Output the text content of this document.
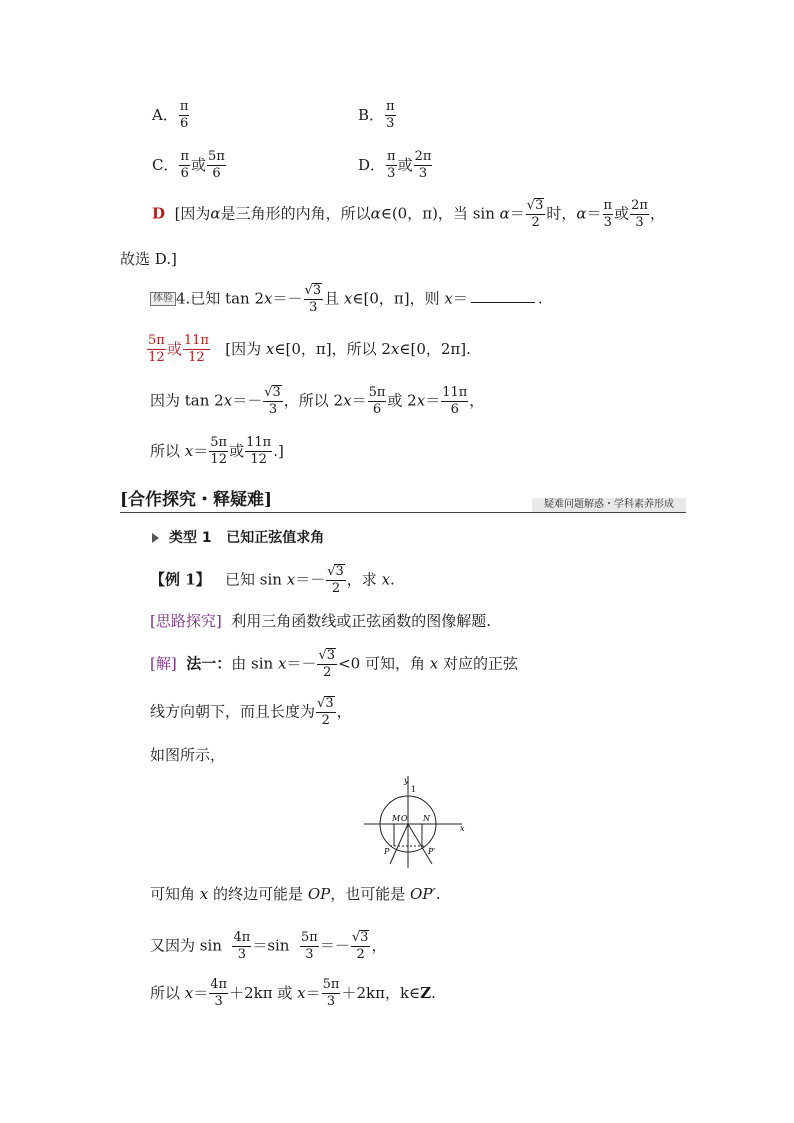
A． $\frac{\pi}{6}$	B． $\frac{\pi}{3}$
C． $\frac{\pi}{6}$ 或 $\frac{5\pi}{6}$	D． $\frac{\pi}{3}$ 或 $\frac{2\pi}{3}$
D [因为α是三角形的内角，所以α∈(0，π)，当 $\sin \alpha= \frac{√3}{2}$ 时，$\alpha= \frac{\pi}{3}$ 或 $\frac{2\pi}{3}$ ，
故选 D.]
体验 4.已知 $\tan 2x=- \frac{√3}{3}$ 且 x∈[0，π]，则 x＝	.
$\frac{5\pi}{12}$ 或 $\frac{11\pi}{12}$ [因为 x∈[0，π]，所以 2x∈[0，2π].
因为 $\tan 2x=- \frac{√3}{3}$ ，所以 $2x= \frac{5\pi}{6}$ 或 $2x= \frac{11\pi}{6}$ ，
所以 $x= \frac{5\pi}{12}$ 或 $\frac{11\pi}{12}$ .]
[合作探究・释疑难]	疑难问题解惑・学科素养形成
类型 1 已知正弦值求角
【例 1】 已知 $\sin x=- \frac{√3}{2}$ ，求 x.
[思路探究] 利用三角函数线或正弦函数的图像解题.
[解] 法一：由 $\sin x=- \frac{√3}{2} <0$ 可知，角 x 对应的正弦
线方向朝下，而且长度为 $\frac{√3}{2}$ ，
如图所示，
y
1
x
M O N
P	P′
可知角 x 的终边可能是 OP，也可能是 OP′.
又因为 $\sin \frac{4\pi}{3} =\sin \frac{5\pi}{3} =- \frac{√3}{2}$ ，
所以 $x= \frac{4\pi}{3} +2k\pi$ 或 $x= \frac{5\pi}{3} +2k\pi$，k∈Z.
